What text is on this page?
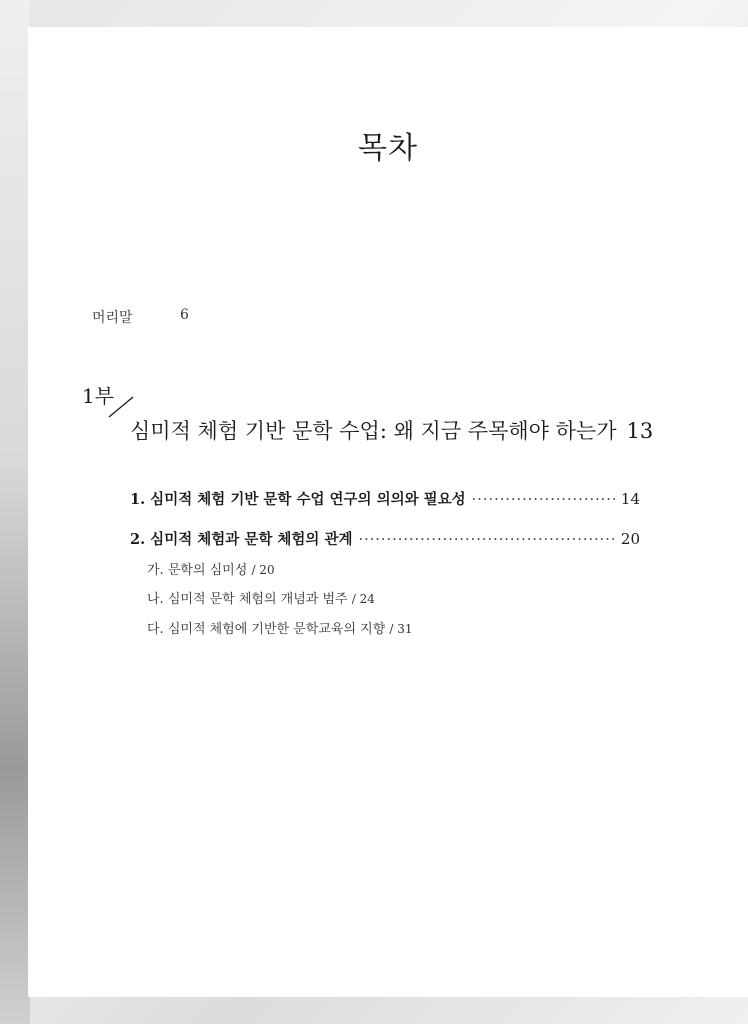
목차
머리말	6
1부
심미적 체험 기반 문학 수업: 왜 지금 주목해야 하는가 13
1. 심미적 체험 기반 문학 수업 연구의 의의와 필요성 ·····	14
2. 심미적 체험과 문학 체험의 관계 ·····	20
가. 문학의 심미성 / 20
나. 심미적 문학 체험의 개념과 범주 / 24
다. 심미적 체험에 기반한 문학교육의 지향 / 31
